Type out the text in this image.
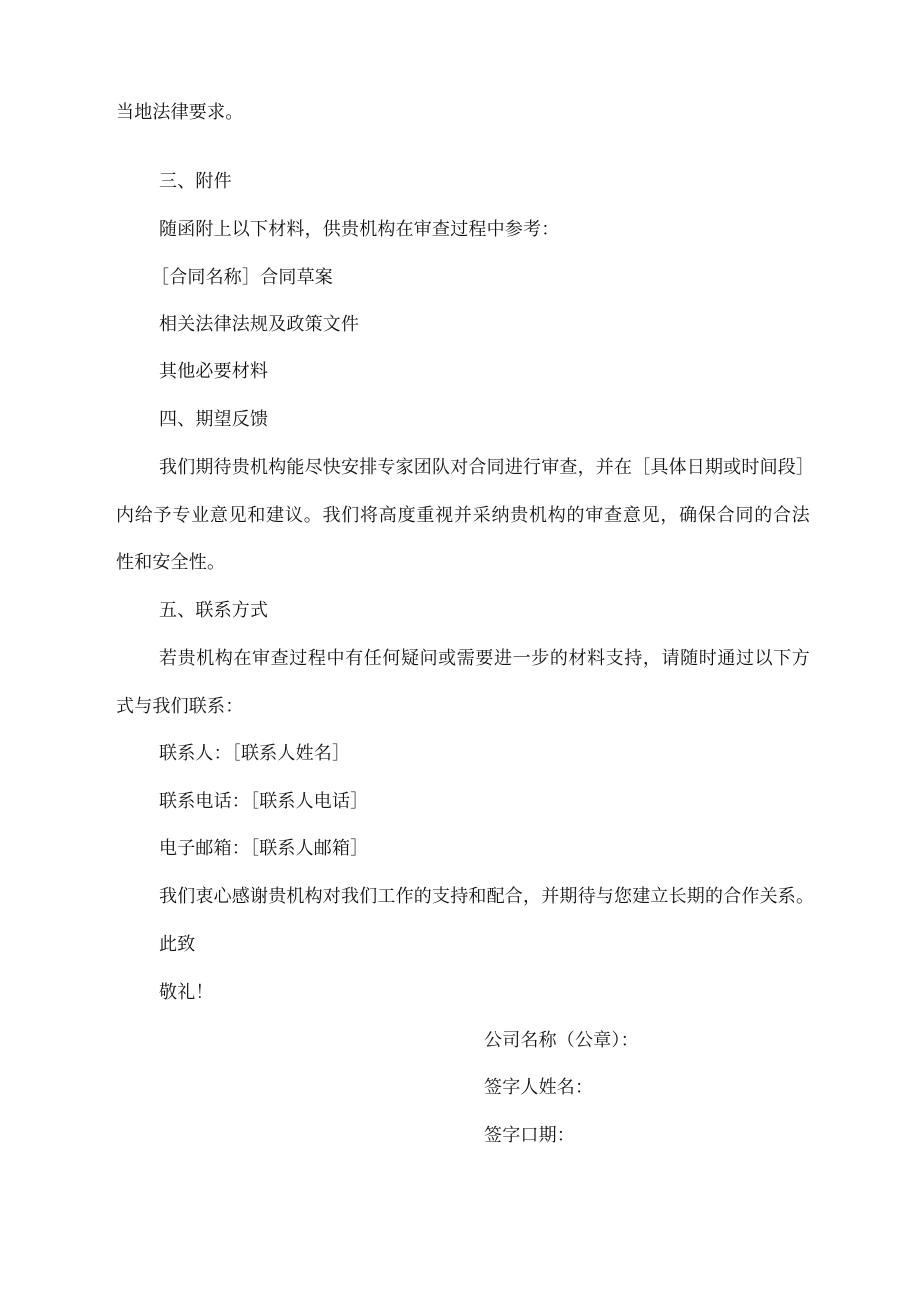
当地法律要求。
三、附件
随函附上以下材料，供贵机构在审查过程中参考：
［合同名称］合同草案
相关法律法规及政策文件
其他必要材料
四、期望反馈
我们期待贵机构能尽快安排专家团队对合同进行审查，并在［具体日期或时间段］
内给予专业意见和建议。我们将高度重视并采纳贵机构的审查意见，确保合同的合法
性和安全性。
五、联系方式
若贵机构在审查过程中有任何疑问或需要进一步的材料支持，请随时通过以下方
式与我们联系：
联系人：［联系人姓名］
联系电话：［联系人电话］
电子邮箱：［联系人邮箱］
我们衷心感谢贵机构对我们工作的支持和配合，并期待与您建立长期的合作关系。
此致
敬礼！
公司名称（公章）：
签字人姓名：
签字口期：
